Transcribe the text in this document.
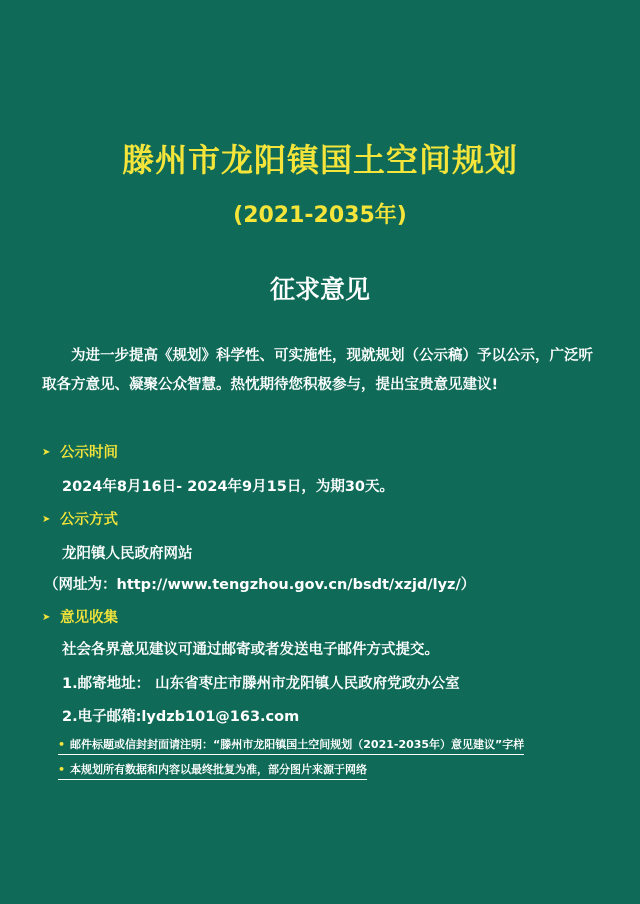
滕州市龙阳镇国土空间规划
(2021-2035年)
征求意见

为进一步提高《规划》科学性、可实施性，现就规划（公示稿）予以公示，广泛听取各方意见、凝聚公众智慧。热忱期待您积极参与，提出宝贵意见建议!

➤ 公示时间
2024年8月16日- 2024年9月15日，为期30天。
➤ 公示方式
龙阳镇人民政府网站
（网址为：http://www.tengzhou.gov.cn/bsdt/xzjd/lyz/）
➤ 意见收集
社会各界意见建议可通过邮寄或者发送电子邮件方式提交。
1.邮寄地址： 山东省枣庄市滕州市龙阳镇人民政府党政办公室
2.电子邮箱:lydzb101@163.com
• 邮件标题或信封封面请注明：“滕州市龙阳镇国土空间规划（2021-2035年）意见建议”字样
• 本规划所有数据和内容以最终批复为准，部分图片来源于网络
